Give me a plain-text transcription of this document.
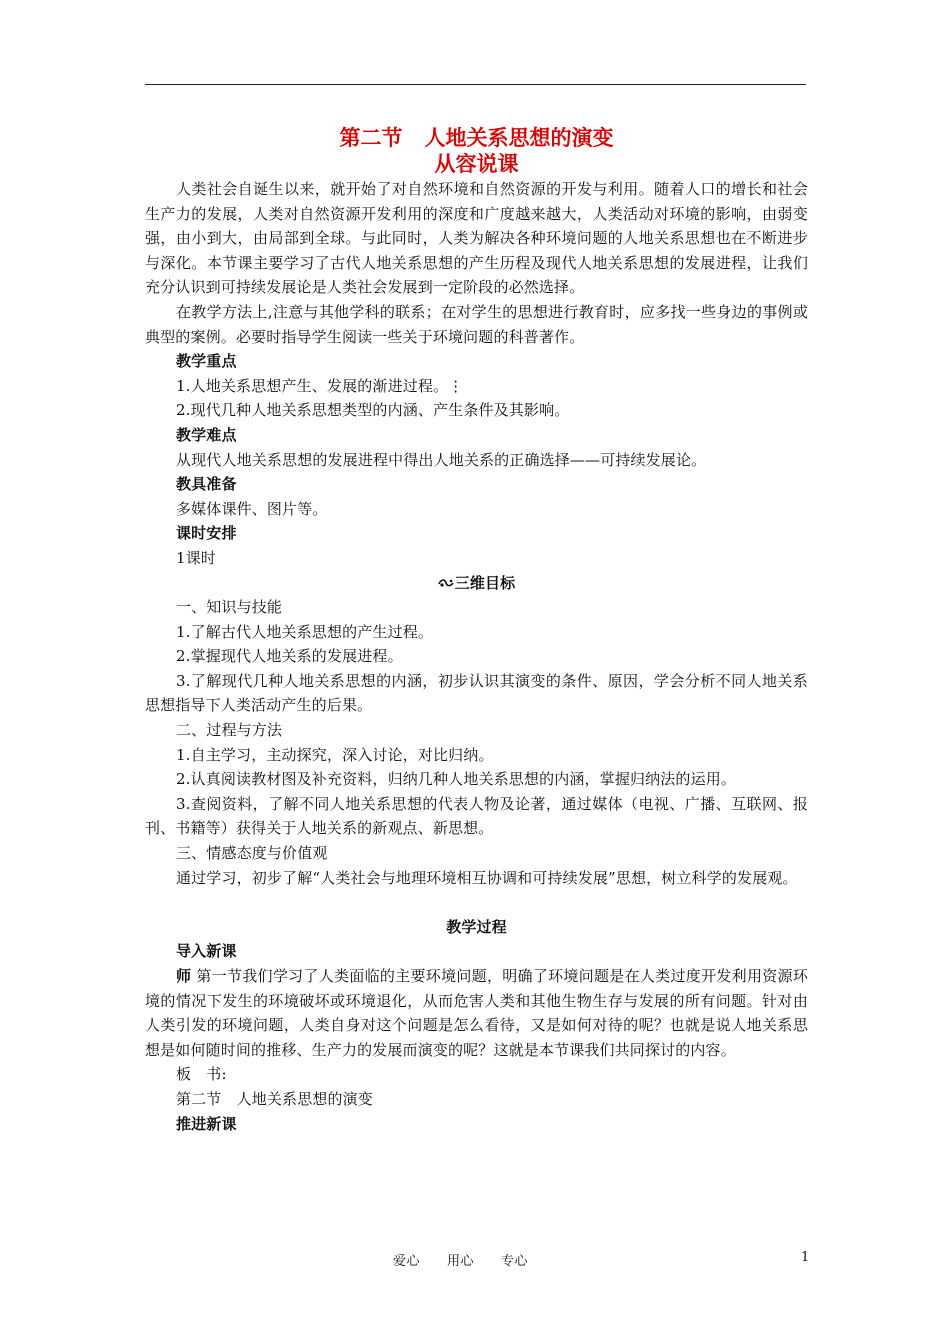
第二节 人地关系思想的演变
从容说课

人类社会自诞生以来，就开始了对自然环境和自然资源的开发与利用。随着人口的增长和社会生产力的发展，人类对自然资源开发利用的深度和广度越来越大，人类活动对环境的影响，由弱变强，由小到大，由局部到全球。与此同时，人类为解决各种环境问题的人地关系思想也在不断进步与深化。本节课主要学习了古代人地关系思想的产生历程及现代人地关系思想的发展进程，让我们充分认识到可持续发展论是人类社会发展到一定阶段的必然选择。

在教学方法上,注意与其他学科的联系；在对学生的思想进行教育时，应多找一些身边的事例或典型的案例。必要时指导学生阅读一些关于环境问题的科普著作。

教学重点

1.人地关系思想产生、发展的渐进过程。⋮

2.现代几种人地关系思想类型的内涵、产生条件及其影响。

教学难点

从现代人地关系思想的发展进程中得出人地关系的正确选择——可持续发展论。

教具准备

多媒体课件、图片等。

课时安排

1课时

三维目标

一、知识与技能

1.了解古代人地关系思想的产生过程。

2.掌握现代人地关系的发展进程。

3.了解现代几种人地关系思想的内涵，初步认识其演变的条件、原因，学会分析不同人地关系思想指导下人类活动产生的后果。

二、过程与方法

1.自主学习，主动探究，深入讨论，对比归纳。

2.认真阅读教材图及补充资料，归纳几种人地关系思想的内涵，掌握归纳法的运用。

3.查阅资料，了解不同人地关系思想的代表人物及论著，通过媒体（电视、广播、互联网、报刊、书籍等）获得关于人地关系的新观点、新思想。

三、情感态度与价值观

通过学习，初步了解“人类社会与地理环境相互协调和可持续发展”思想，树立科学的发展观。

教学过程

导入新课

师 第一节我们学习了人类面临的主要环境问题，明确了环境问题是在人类过度开发利用资源环境的情况下发生的环境破坏或环境退化，从而危害人类和其他生物生存与发展的所有问题。针对由人类引发的环境问题，人类自身对这个问题是怎么看待，又是如何对待的呢？也就是说人地关系思想是如何随时间的推移、生产力的发展而演变的呢？这就是本节课我们共同探讨的内容。

板　书:

第二节　人地关系思想的演变

推进新课

爱心　　用心　　专心	1
